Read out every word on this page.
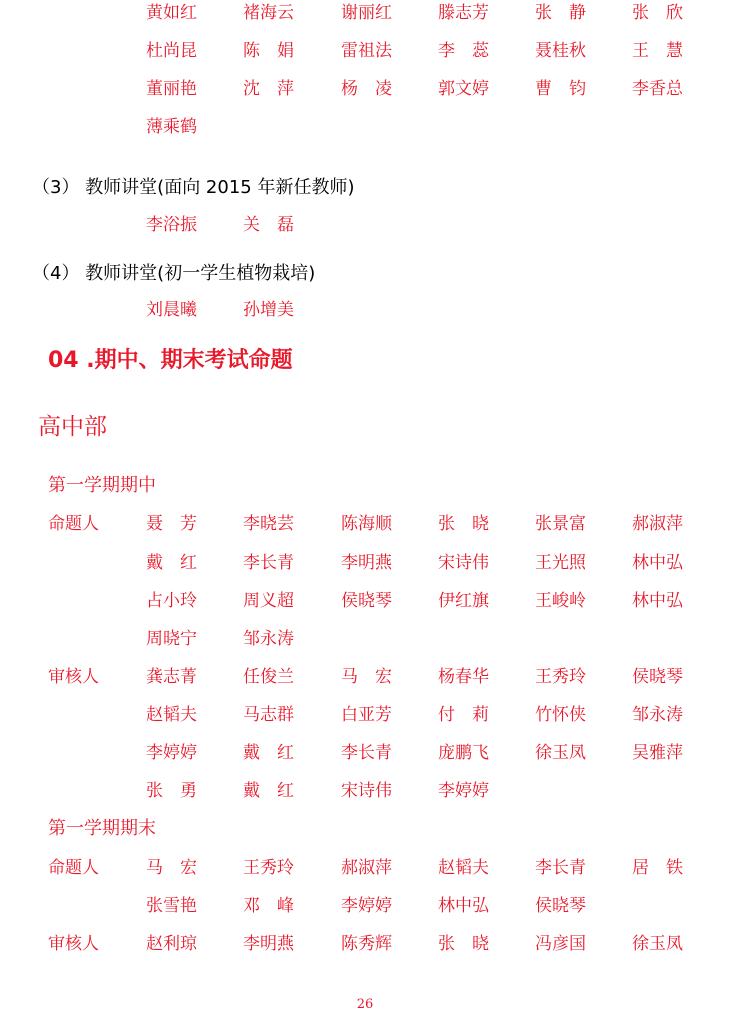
黄如红	褚海云	谢丽红	滕志芳	张　静	张　欣
杜尚昆	陈　娟	雷祖法	李　蕊	聂桂秋	王　慧
董丽艳	沈　萍	杨　凌	郭文婷	曹　钧	李香总
薄乘鹤
（3） 教师讲堂(面向 2015 年新任教师)
李浴振	关　磊
（4） 教师讲堂(初一学生植物栽培)
刘晨曦	孙增美
04 .期中、期末考试命题
高中部
第一学期期中
命题人	聂　芳	李晓芸	陈海顺	张　晓	张景富	郝淑萍
戴　红	李长青	李明燕	宋诗伟	王光照	林中弘
占小玲	周义超	侯晓琴	伊红旗	王峻岭	林中弘
周晓宁	邹永涛
审核人	龚志菁	任俊兰	马　宏	杨春华	王秀玲	侯晓琴
赵韬夫	马志群	白亚芳	付　莉	竹怀侠	邹永涛
李婷婷	戴　红	李长青	庞鹏飞	徐玉凤	吴雅萍
张　勇	戴　红	宋诗伟	李婷婷
第一学期期末
命题人	马　宏	王秀玲	郝淑萍	赵韬夫	李长青	居　铁
张雪艳	邓　峰	李婷婷	林中弘	侯晓琴
审核人	赵利琼	李明燕	陈秀辉	张　晓	冯彦国	徐玉凤
26
